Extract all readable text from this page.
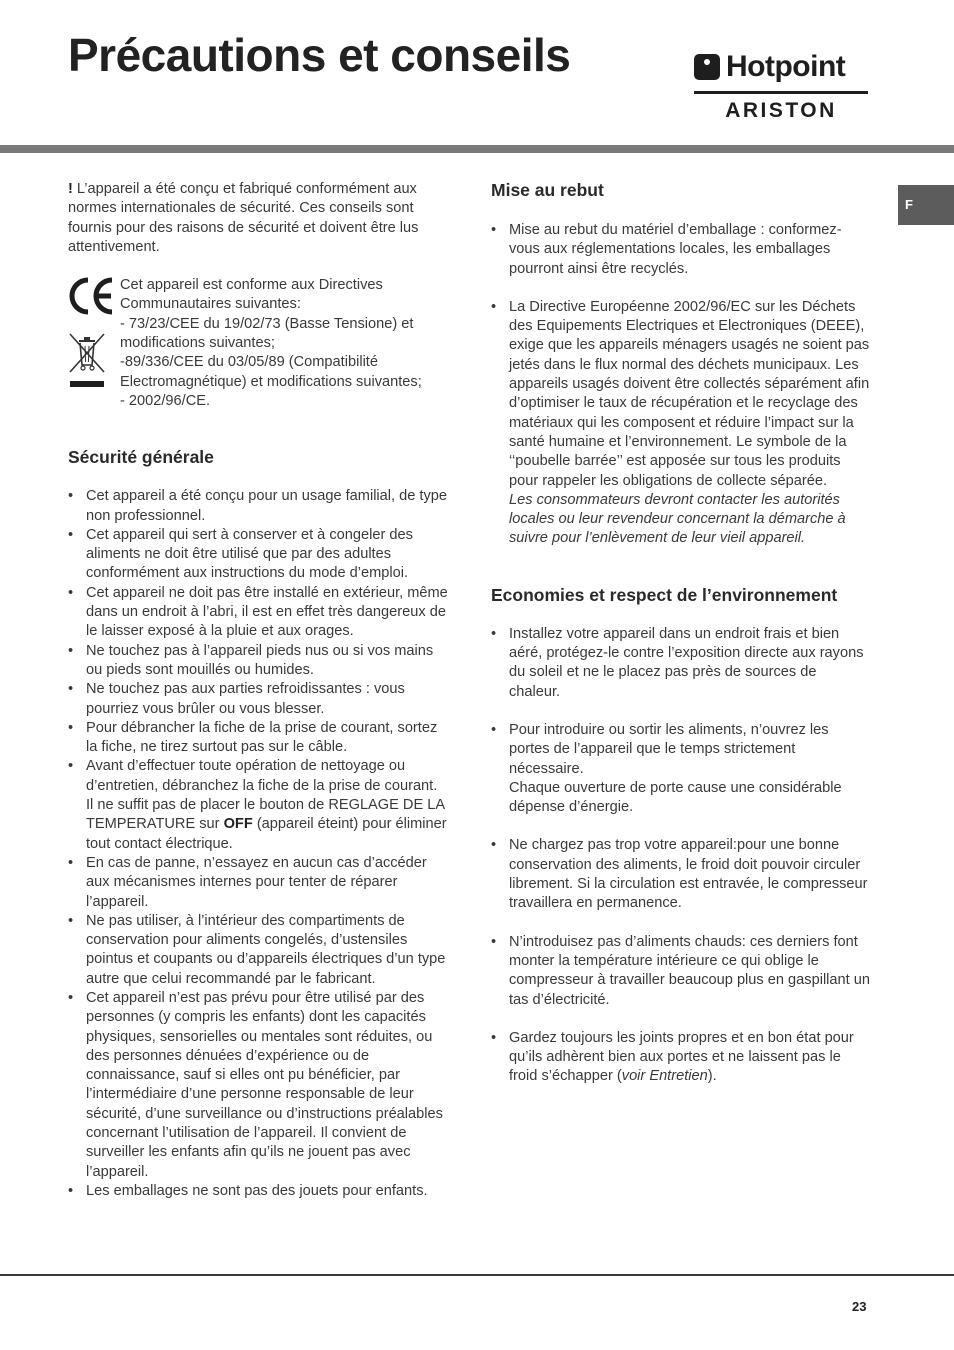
Précautions et conseils	Hotpoint
ARISTON
F

! L’appareil a été conçu et fabriqué conformément aux normes internationales de sécurité. Ces conseils sont fournis pour des raisons de sécurité et doivent être lus attentivement.

Cet appareil est conforme aux Directives Communautaires suivantes:
- 73/23/CEE du 19/02/73 (Basse Tensione) et modifications suivantes;
-89/336/CEE du 03/05/89 (Compatibilité Electromagnétique) et modifications suivantes;
- 2002/96/CE.
Sécurité générale
• Cet appareil a été conçu pour un usage familial, de type non professionnel.
• Cet appareil qui sert à conserver et à congeler des aliments ne doit être utilisé que par des adultes conformément aux instructions du mode d’emploi.
• Cet appareil ne doit pas être installé en extérieur, même dans un endroit à l’abri, il est en effet très dangereux de le laisser exposé à la pluie et aux orages.
• Ne touchez pas à l’appareil pieds nus ou si vos mains ou pieds sont mouillés ou humides.
• Ne touchez pas aux parties refroidissantes : vous pourriez vous brûler ou vous blesser.
• Pour débrancher la fiche de la prise de courant, sortez la fiche, ne tirez surtout pas sur le câble.
• Avant d’effectuer toute opération de nettoyage ou d’entretien, débranchez la fiche de la prise de courant. Il ne suffit pas de placer le bouton de REGLAGE DE LA TEMPERATURE sur OFF (appareil éteint) pour éliminer tout contact électrique.
• En cas de panne, n’essayez en aucun cas d’accéder aux mécanismes internes pour tenter de réparer l’appareil.
• Ne pas utiliser, à l’intérieur des compartiments de conservation pour aliments congelés, d’ustensiles pointus et coupants ou d’appareils électriques d’un type autre que celui recommandé par le fabricant.
• Cet appareil n’est pas prévu pour être utilisé par des personnes (y compris les enfants) dont les capacités physiques, sensorielles ou mentales sont réduites, ou des personnes dénuées d’expérience ou de connaissance, sauf si elles ont pu bénéficier, par l’intermédiaire d’une personne responsable de leur sécurité, d’une surveillance ou d’instructions préalables concernant l’utilisation de l’appareil. Il convient de surveiller les enfants afin qu’ils ne jouent pas avec l’appareil.
• Les emballages ne sont pas des jouets pour enfants.
Mise au rebut
• Mise au rebut du matériel d’emballage : conformez-vous aux réglementations locales, les emballages pourront ainsi être recyclés.
• La Directive Européenne 2002/96/EC sur les Déchets des Equipements Electriques et Electroniques (DEEE), exige que les appareils ménagers usagés ne soient pas jetés dans le flux normal des déchets municipaux. Les appareils usagés doivent être collectés séparément afin d’optimiser le taux de récupération et le recyclage des matériaux qui les composent et réduire l’impact sur la santé humaine et l’environnement. Le symbole de la ‘‘poubelle barrée’’ est apposée sur tous les produits pour rappeler les obligations de collecte séparée.
Les consommateurs devront contacter les autorités locales ou leur revendeur concernant la démarche à suivre pour l’enlèvement de leur vieil appareil.
Economies et respect de l’environnement
• Installez votre appareil dans un endroit frais et bien aéré, protégez-le contre l’exposition directe aux rayons du soleil et ne le placez pas près de sources de chaleur.
• Pour introduire ou sortir les aliments, n’ouvrez les portes de l’appareil que le temps strictement nécessaire.
Chaque ouverture de porte cause une considérable dépense d’énergie.
• Ne chargez pas trop votre appareil:pour une bonne conservation des aliments, le froid doit pouvoir circuler librement. Si la circulation est entravée, le compresseur travaillera en permanence.
• N’introduisez pas d’aliments chauds: ces derniers font monter la température intérieure ce qui oblige le compresseur à travailler beaucoup plus en gaspillant un tas d’électricité.
• Gardez toujours les joints propres et en bon état pour qu’ils adhèrent bien aux portes et ne laissent pas le froid s’échapper (voir Entretien).
23
